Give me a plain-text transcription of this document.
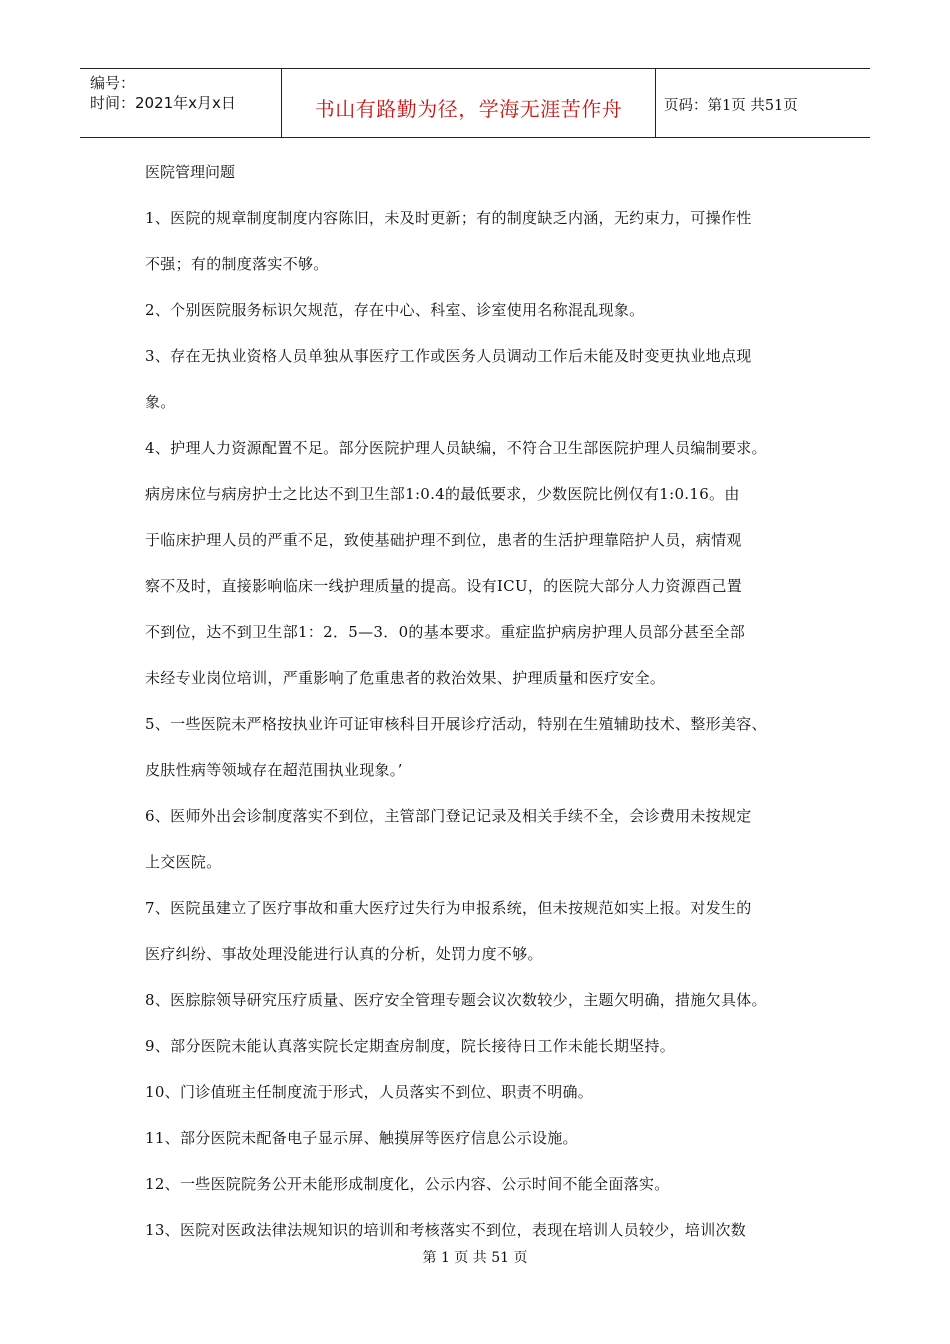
编号：
时间：2021年x月x日	书山有路勤为径，学海无涯苦作舟	页码：第1页 共51页
医院管理问题
1、医院的规章制度制度内容陈旧，未及时更新；有的制度缺乏内涵，无约束力，可操作性
不强；有的制度落实不够。
2、个别医院服务标识欠规范，存在中心、科室、诊室使用名称混乱现象。
3、存在无执业资格人员单独从事医疗工作或医务人员调动工作后未能及时变更执业地点现
象。
4、护理人力资源配置不足。部分医院护理人员缺编，不符合卫生部医院护理人员编制要求。
病房床位与病房护士之比达不到卫生部1:0.4的最低要求，少数医院比例仅有1:0.16。由
于临床护理人员的严重不足，致使基础护理不到位，患者的生活护理靠陪护人员，病情观
察不及时，直接影响临床一线护理质量的提高。设有ICU，的医院大部分人力资源酉己置
不到位，达不到卫生部1：2．5—3．0的基本要求。重症监护病房护理人员部分甚至全部
未经专业岗位培训，严重影响了危重患者的救治效果、护理质量和医疗安全。
5、一些医院未严格按执业许可证审核科目开展诊疗活动，特别在生殖辅助技术、整形美容、
皮肤性病等领域存在超范围执业现象。’
6、医师外出会诊制度落实不到位，主管部门登记记录及相关手续不全，会诊费用未按规定
上交医院。
7、医院虽建立了医疗事故和重大医疗过失行为申报系统，但未按规范如实上报。对发生的
医疗纠纷、事故处理没能进行认真的分析，处罚力度不够。
8、医腙腙领导研究压疗质量、医疗安全管理专题会议次数较少，主题欠明确，措施欠具体。
9、部分医院未能认真落实院长定期查房制度，院长接待日工作未能长期坚持。
10、门诊值班主任制度流于形式，人员落实不到位、职责不明确。
11、部分医院未配备电子显示屏、触摸屏等医疗信息公示设施。
12、一些医院院务公开未能形成制度化，公示内容、公示时间不能全面落实。
13、医院对医政法律法规知识的培训和考核落实不到位，表现在培训人员较少，培训次数
第 1 页 共 51 页
